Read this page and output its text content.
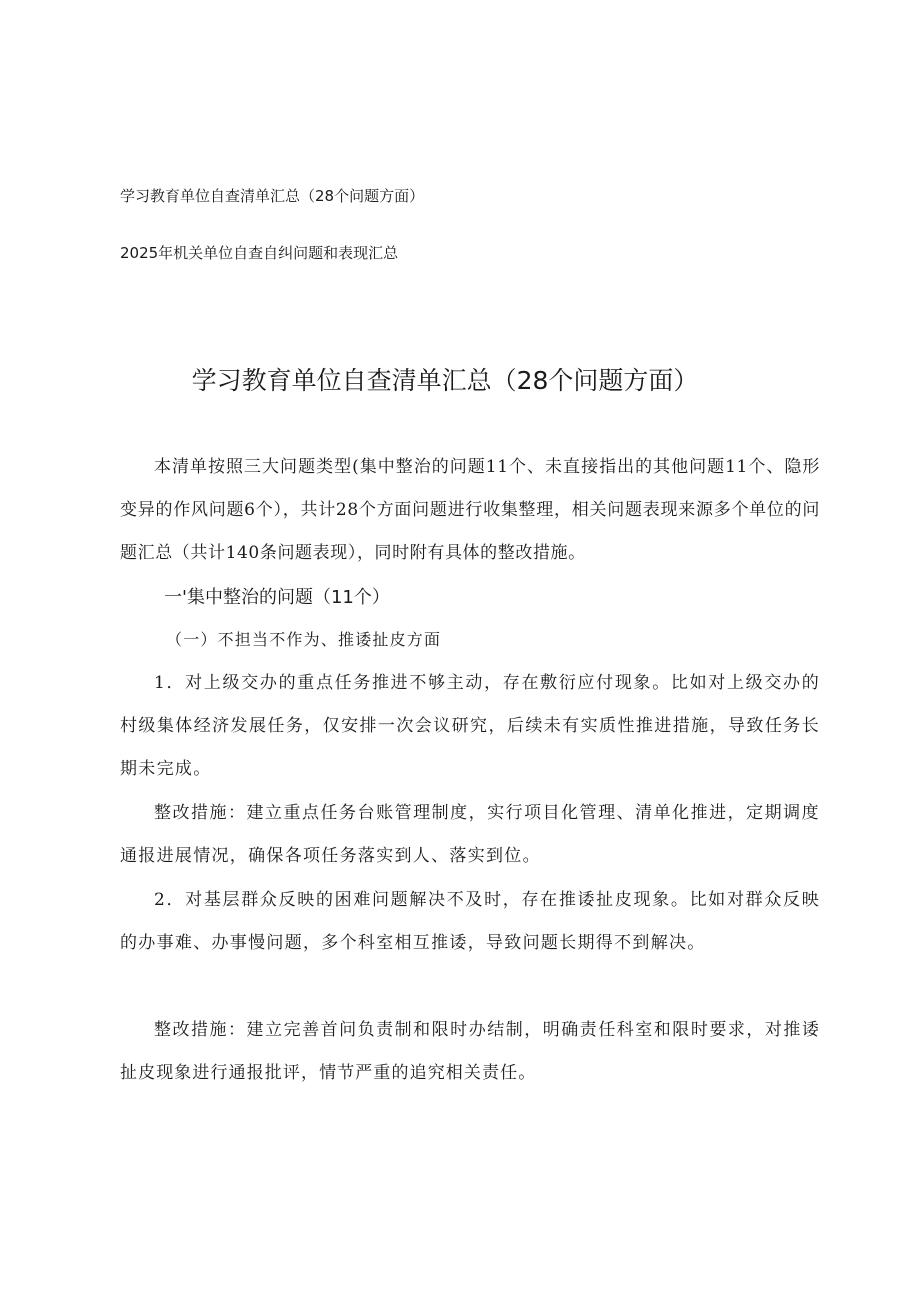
学习教育单位自查清单汇总（28个问题方面）
2025年机关单位自查自纠问题和表现汇总
学习教育单位自查清单汇总（28个问题方面）

本清单按照三大问题类型(集中整治的问题11个、未直接指出的其他问题11个、隐形变异的作风问题6个），共计28个方面问题进行收集整理，相关问题表现来源多个单位的问题汇总（共计140条问题表现），同时附有具体的整改措施。

一'集中整治的问题（11个）
（一）不担当不作为、推诿扯皮方面

1．对上级交办的重点任务推进不够主动，存在敷衍应付现象。比如对上级交办的村级集体经济发展任务，仅安排一次会议研究，后续未有实质性推进措施，导致任务长期未完成。

整改措施：建立重点任务台账管理制度，实行项目化管理、清单化推进，定期调度通报进展情况，确保各项任务落实到人、落实到位。

2．对基层群众反映的困难问题解决不及时，存在推诿扯皮现象。比如对群众反映的办事难、办事慢问题，多个科室相互推诿，导致问题长期得不到解决。

整改措施：建立完善首问负责制和限时办结制，明确责任科室和限时要求，对推诿扯皮现象进行通报批评，情节严重的追究相关责任。
